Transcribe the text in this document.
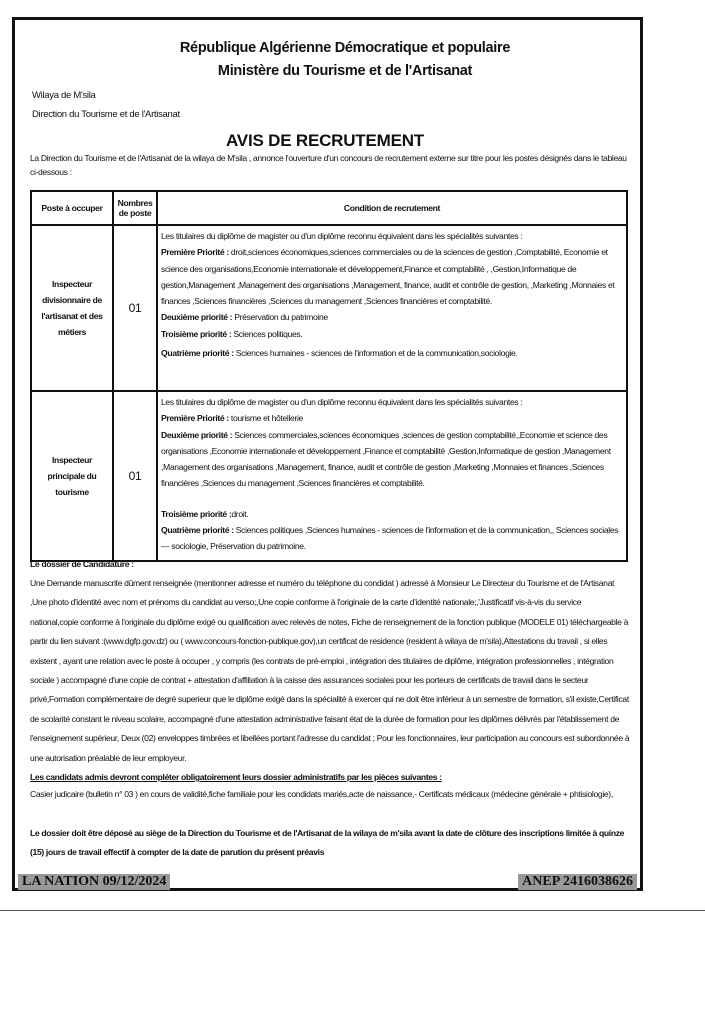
République Algérienne Démocratique et populaire
Ministère du Tourisme et de l'Artisanat
Wilaya de M'sila
Direction du Tourisme et de l'Artisanat
AVIS DE RECRUTEMENT
La Direction du Tourisme et de l'Artisanat de la wilaya de M'sila , annonce l'ouverture d'un concours de recrutement externe sur titre pour les postes désignés dans le tableau ci-dessous :
Poste à occuper	Nombres de poste	Condition de recrutement
Inspecteur divisionnaire de l'artisanat et des métiers	01	Les titulaires du diplôme de magister ou d'un diplôme reconnu équivalent dans les spécialités suivantes :
Première Priorité : droit,sciences économiques,sciences commerciales ou de la sciences de gestion ,Comptabilité, Economie et science des organisations,Economie internationale et développement,Finance et comptabilité , ,Gestion,Informatique de gestion,Management ,Management des organisations ,Management, finance, audit et contrôle de gestion, ,Marketing ,Monnaies et finances ,Sciences financières ,Sciences du management ,Sciences financières et comptabilité.
Deuxième priorité : Préservation du patrimoine
Troisième priorité : Sciences politiques.
Quatrième priorité : Sciences humaines - sciences de l'information et de la communication,sociologie.

Inspecteur principale du tourisme	01	Les titulaires du diplôme de magister ou d'un diplôme reconnu équivalent dans les spécialités suivantes :
Première Priorité : tourisme et hôtellerie
Deuxième priorité : Sciences commerciales,sciences économiques ,sciences de gestion comptabilité,,Economie et science des organisations ,Economie internationale et développement ,Finance et comptabilité ,Gestion,Informatique de gestion ,Management ,Management des organisations ,Management, finance, audit et contrôle de gestion ,Marketing ,Monnaies et finances ,Sciences financières ,Sciences du management ,Sciences financières et comptabilité.
Troisième priorité :droit.
Quatrième priorité : Sciences politiques ,Sciences humaines - sciences de l'information et de la communication,, Sciences sociales — sociologie, Préservation du patrimoine.
Le dossier de Candidature :
Une Demande manuscrite dûment renseignée (mentionner adresse et numéro du téléphone du condidat ) adressé à Monsieur Le Directeur du Tourisme et de l'Artisanat ,Une photo d'identité avec nom et prénoms du candidat au verso;,Une copie conforme à l'originale de la carte d'identité nationale;,'Justificatif vis-à-vis du service national,copie conforme à l'originale du diplôme exigé ou qualification avec relevés de notes, Fiche de renseignement de la fonction publique (MODELE 01) téléchargeable à partir du lien suivant :(www.dgfp.gov.dz) ou ( www.concours-fonction-publique.gov),un certificat de residence (resident à wilaya de m'sila),Attestations du travail , si elles existent , ayant une relation avec le poste à occuper , y compris (les contrats de pré-emploi , intégration des titulaires de diplôme, intégration professionnelles , intégration sociale ) accompagné d'une copie de contrat + attestation d'affiliation à la caisse des assurances sociales pour les porteurs de certificats de travail dans le secteur privé,Formation complémentaire de degré superieur que le diplôme exigé dans la spécialité à exercer qui ne doit être inférieur à un semestre de formation, s'il existe,Certificat de scolarité constant le niveau scolaire, accompagné d'une attestation administrative faisant état de la durée de formation pour les diplômes délivrés par l'établissement de l'enseignement supérieur, Deux (02) enveloppes timbrées et libellées portant l'adresse du candidat ; Pour les fonctionnaires, leur participation au concours est subordonnée à une autorisation préalable de leur employeur.
Les candidats admis devront compléter obligatoirement leurs dossier administratifs par les pièces suivantes :
Casier judicaire (bulletin n° 03 ) en cours de validité,fiche familiale pour les condidats mariés,acte de naissance,- Certificats médicaux (médecine générale + phtisiologie),
Le dossier doit être déposé au siège de la Direction du Tourisme et de l'Artisanat de la wilaya de m'sila avant la date de clôture des inscriptions limitée à quinze (15) jours de travail effectif à compter de la date de parution du présent préavis
LA NATION 09/12/2024	ANEP 2416038626
